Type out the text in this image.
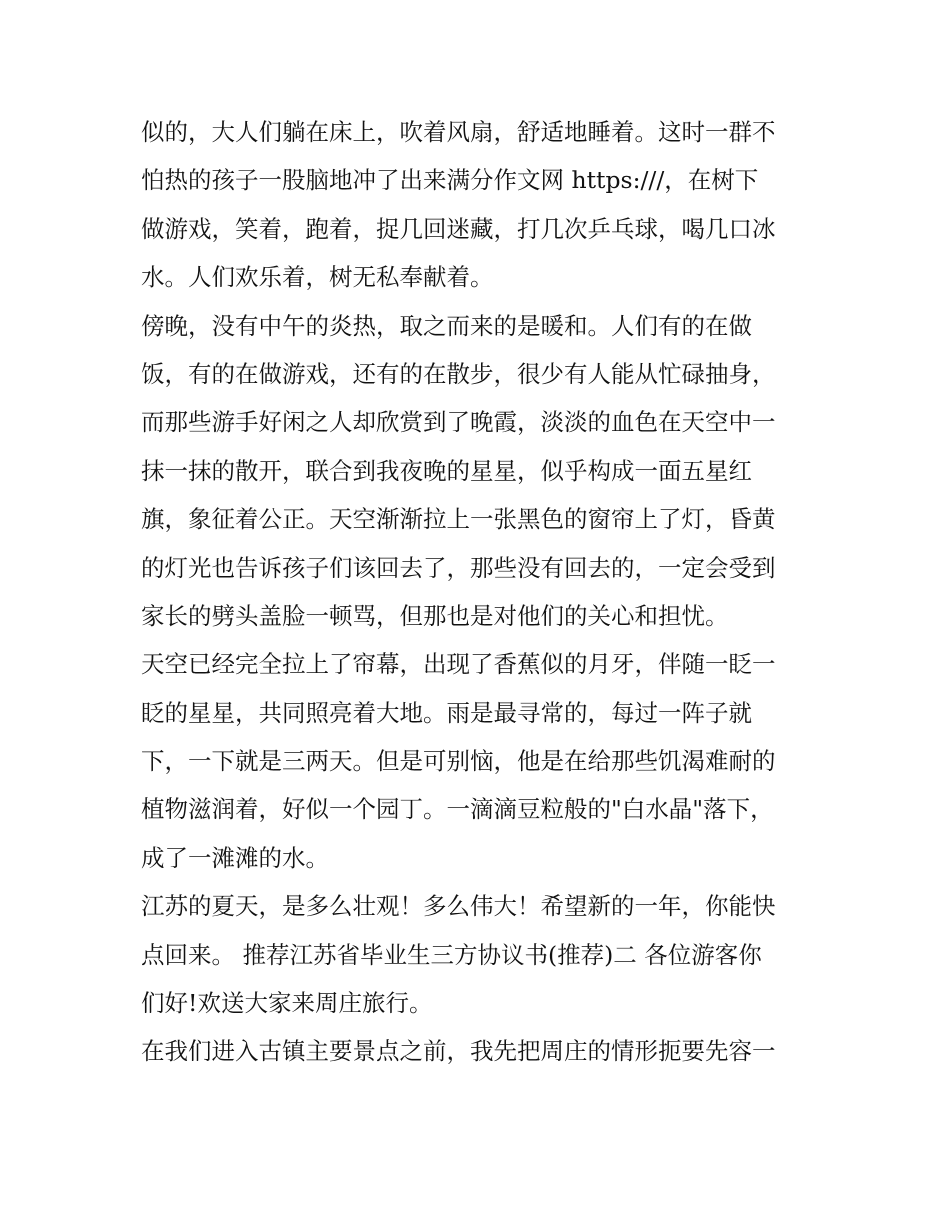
似的，大人们躺在床上，吹着风扇，舒适地睡着。这时一群不
怕热的孩子一股脑地冲了出来满分作文网 https:///，在树下
做游戏，笑着，跑着，捉几回迷藏，打几次乒乓球，喝几口冰
水。人们欢乐着，树无私奉献着。
傍晚，没有中午的炎热，取之而来的是暖和。人们有的在做
饭，有的在做游戏，还有的在散步，很少有人能从忙碌抽身，
而那些游手好闲之人却欣赏到了晚霞，淡淡的血色在天空中一
抹一抹的散开，联合到我夜晚的星星，似乎构成一面五星红
旗，象征着公正。天空渐渐拉上一张黑色的窗帘上了灯，昏黄
的灯光也告诉孩子们该回去了，那些没有回去的，一定会受到
家长的劈头盖脸一顿骂，但那也是对他们的关心和担忧。
天空已经完全拉上了帘幕，出现了香蕉似的月牙，伴随一眨一
眨的星星，共同照亮着大地。雨是最寻常的，每过一阵子就
下，一下就是三两天。但是可别恼，他是在给那些饥渴难耐的
植物滋润着，好似一个园丁。一滴滴豆粒般的"白水晶"落下，
成了一滩滩的水。
江苏的夏天，是多么壮观！多么伟大！希望新的一年，你能快
点回来。 推荐江苏省毕业生三方协议书(推荐)二 各位游客你
们好!欢送大家来周庄旅行。
在我们进入古镇主要景点之前，我先把周庄的情形扼要先容一
